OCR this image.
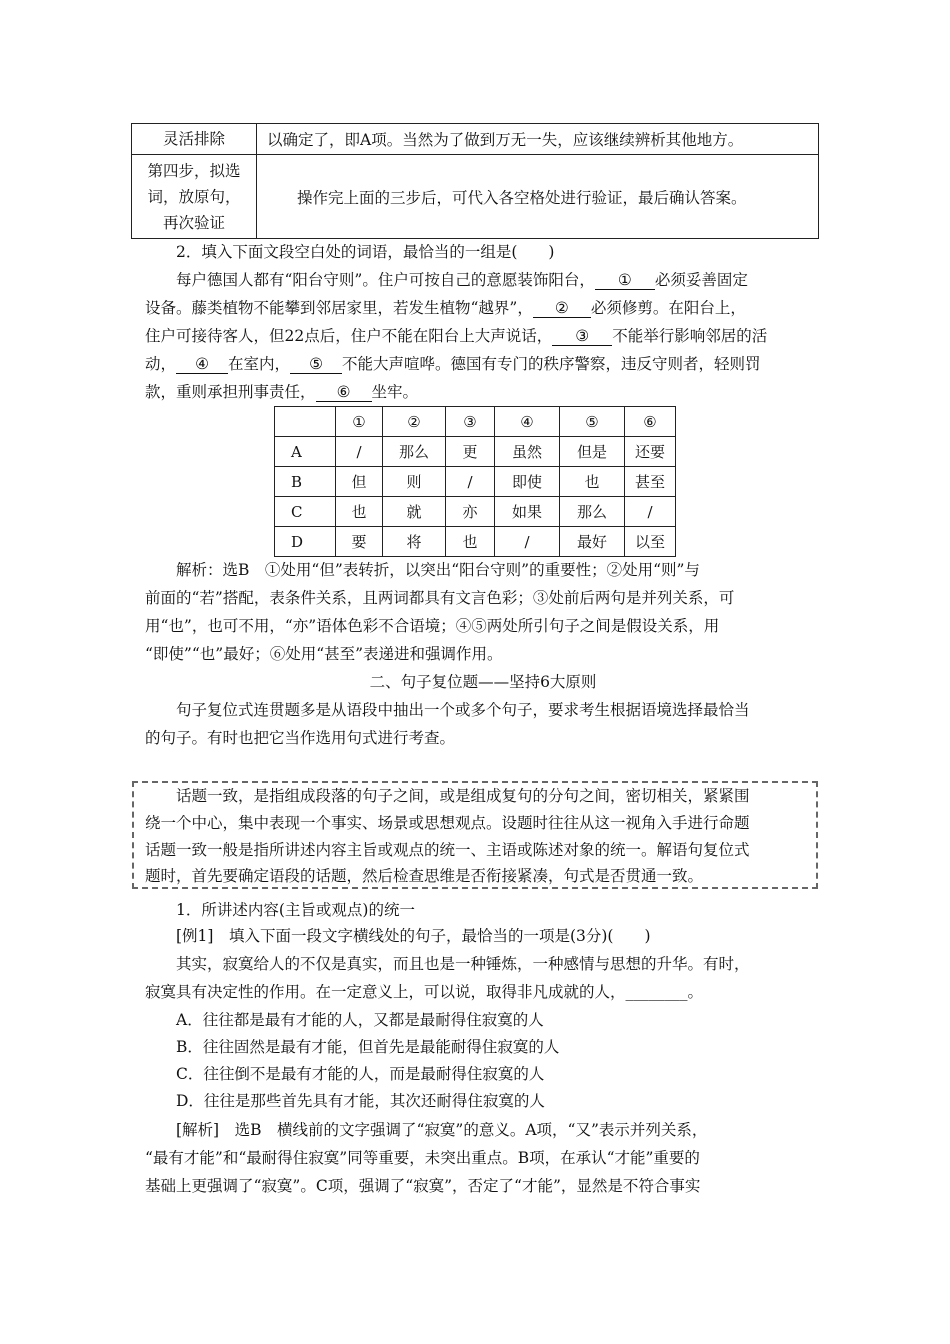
灵活排除	以确定了，即A项。当然为了做到万无一失，应该继续辨析其他地方。

第四步，拟选
词，放原句，
再次验证	操作完上面的三步后，可代入各空格处进行验证，最后确认答案。
2．填入下面文段空白处的词语，最恰当的一组是(　　)
每户德国人都有“阳台守则”。住户可按自己的意愿装饰阳台， ① 必须妥善固定
设备。藤类植物不能攀到邻居家里，若发生植物“越界”， ② 必须修剪。在阳台上，
住户可接待客人，但22点后，住户不能在阳台上大声说话， ③ 不能举行影响邻居的活
动， ④ 在室内， ⑤ 不能大声喧哗。德国有专门的秩序警察，违反守则者，轻则罚
款，重则承担刑事责任， ⑥ 坐牢。
	①	②	③	④	⑤	⑥
A	/	那么	更	虽然	但是	还要
B	但	则	/	即使	也	甚至
C	也	就	亦	如果	那么	/
D	要	将	也	/	最好	以至
解析：选B　①处用“但”表转折，以突出“阳台守则”的重要性；②处用“则”与
前面的“若”搭配，表条件关系，且两词都具有文言色彩；③处前后两句是并列关系，可
用“也”，也可不用，“亦”语体色彩不合语境；④⑤两处所引句子之间是假设关系，用
“即使”“也”最好；⑥处用“甚至”表递进和强调作用。
二、句子复位题——坚持6大原则
句子复位式连贯题多是从语段中抽出一个或多个句子，要求考生根据语境选择最恰当
的句子。有时也把它当作选用句式进行考查。
话题一致，是指组成段落的句子之间，或是组成复句的分句之间，密切相关，紧紧围
绕一个中心，集中表现一个事实、场景或思想观点。设题时往往从这一视角入手进行命题
话题一致一般是指所讲述内容主旨或观点的统一、主语或陈述对象的统一。解语句复位式
题时，首先要确定语段的话题，然后检查思维是否衔接紧凑，句式是否贯通一致。
1．所讲述内容(主旨或观点)的统一
[例1]　填入下面一段文字横线处的句子，最恰当的一项是(3分)(　　)
其实，寂寞给人的不仅是真实，而且也是一种锤炼，一种感情与思想的升华。有时，
寂寞具有决定性的作用。在一定意义上，可以说，取得非凡成就的人，________。
A．往往都是最有才能的人，又都是最耐得住寂寞的人
B．往往固然是最有才能，但首先是最能耐得住寂寞的人
C．往往倒不是最有才能的人，而是最耐得住寂寞的人
D．往往是那些首先具有才能，其次还耐得住寂寞的人
[解析]　选B　横线前的文字强调了“寂寞”的意义。A项，“又”表示并列关系，
“最有才能”和“最耐得住寂寞”同等重要，未突出重点。B项，在承认“才能”重要的
基础上更强调了“寂寞”。C项，强调了“寂寞”，否定了“才能”，显然是不符合事实
